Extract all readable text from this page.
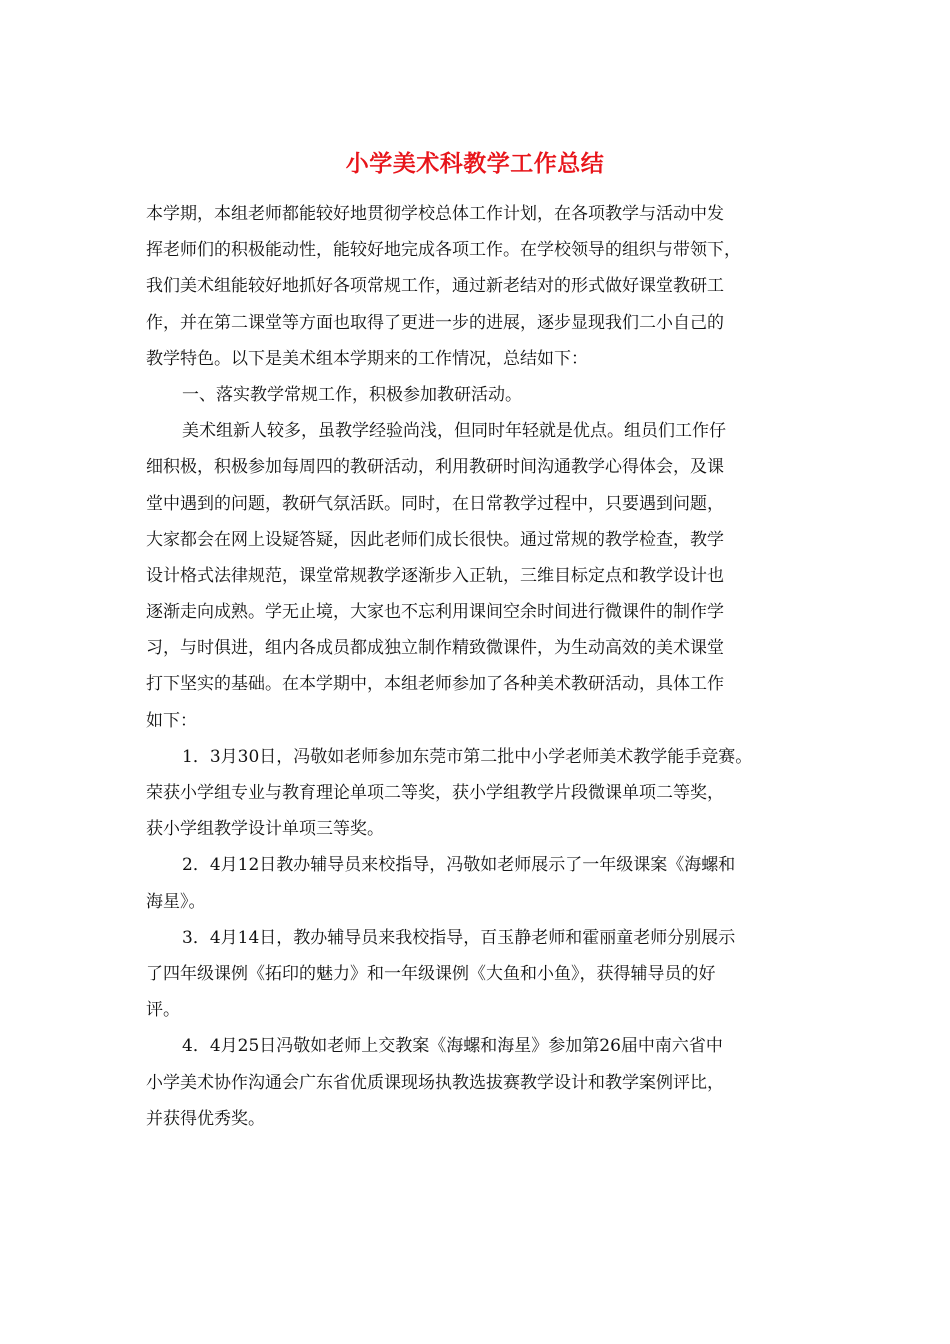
小学美术科教学工作总结
本学期，本组老师都能较好地贯彻学校总体工作计划，在各项教学与活动中发
挥老师们的积极能动性，能较好地完成各项工作。在学校领导的组织与带领下，
我们美术组能较好地抓好各项常规工作，通过新老结对的形式做好课堂教研工
作，并在第二课堂等方面也取得了更进一步的进展，逐步显现我们二小自己的
教学特色。以下是美术组本学期来的工作情况，总结如下：
一、落实教学常规工作，积极参加教研活动。
美术组新人较多，虽教学经验尚浅，但同时年轻就是优点。组员们工作仔
细积极，积极参加每周四的教研活动，利用教研时间沟通教学心得体会，及课
堂中遇到的问题，教研气氛活跃。同时，在日常教学过程中，只要遇到问题，
大家都会在网上设疑答疑，因此老师们成长很快。通过常规的教学检查，教学
设计格式法律规范，课堂常规教学逐渐步入正轨，三维目标定点和教学设计也
逐渐走向成熟。学无止境，大家也不忘利用课间空余时间进行微课件的制作学
习，与时俱进，组内各成员都成独立制作精致微课件，为生动高效的美术课堂
打下坚实的基础。在本学期中，本组老师参加了各种美术教研活动，具体工作
如下：
1．3月30日，冯敬如老师参加东莞市第二批中小学老师美术教学能手竞赛。
荣获小学组专业与教育理论单项二等奖，获小学组教学片段微课单项二等奖，
获小学组教学设计单项三等奖。
2．4月12日教办辅导员来校指导，冯敬如老师展示了一年级课案《海螺和
海星》。
3．4月14日，教办辅导员来我校指导，百玉静老师和霍丽童老师分别展示
了四年级课例《拓印的魅力》和一年级课例《大鱼和小鱼》，获得辅导员的好
评。
4．4月25日冯敬如老师上交教案《海螺和海星》参加第26届中南六省中
小学美术协作沟通会广东省优质课现场执教选拔赛教学设计和教学案例评比，
并获得优秀奖。
